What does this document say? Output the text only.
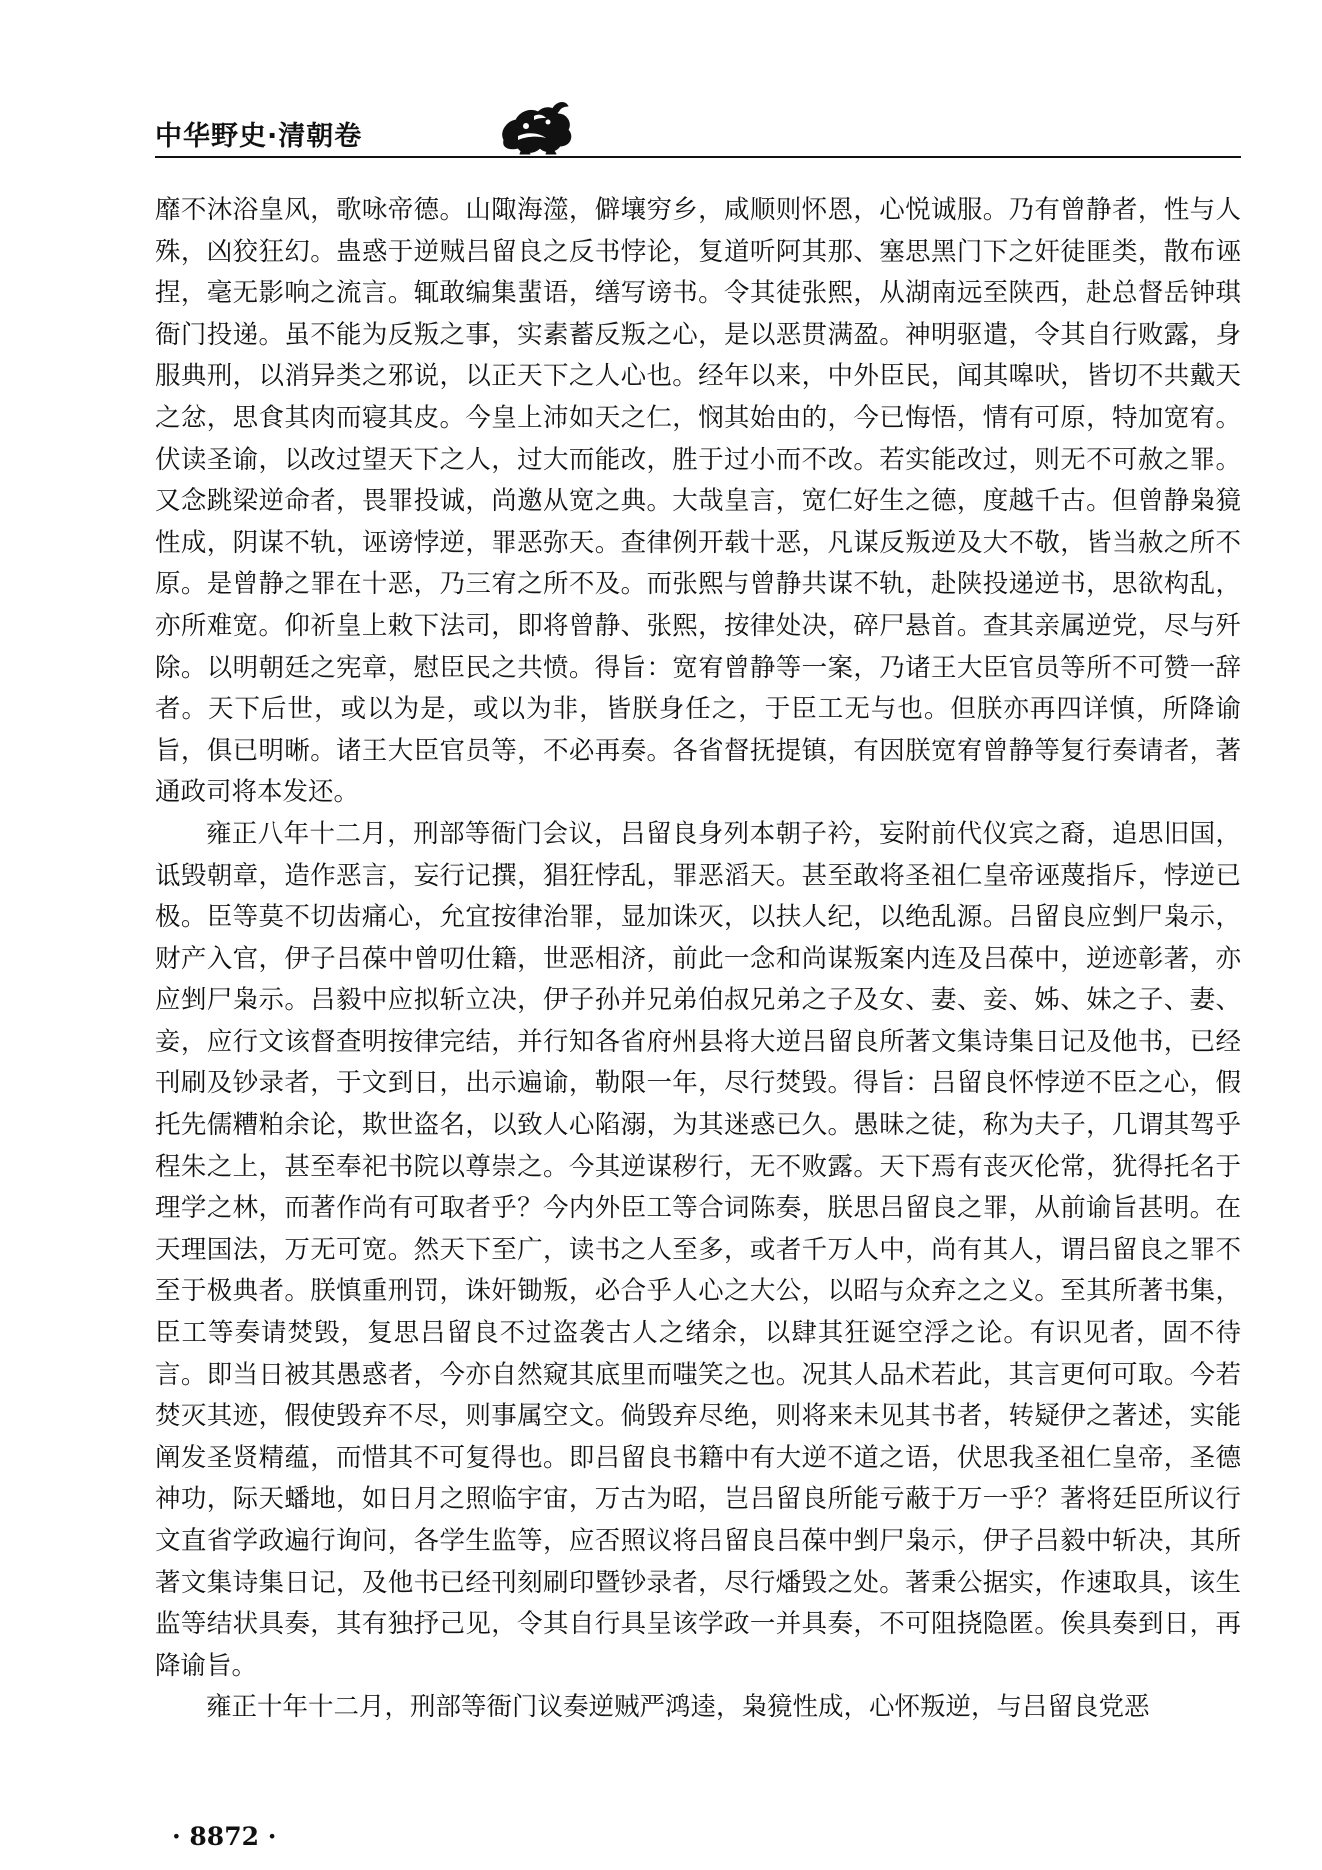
中华野史·清朝卷

靡不沐浴皇风，歌咏帝德。山陬海澨，僻壤穷乡，咸顺则怀恩，心悦诚服。乃有曾静者，性与人殊，凶狡狂幻。蛊惑于逆贼吕留良之反书悖论，复道听阿其那、塞思黑门下之奸徒匪类，散布诬捏，毫无影响之流言。辄敢编集蜚语，缮写谤书。令其徒张熙，从湖南远至陕西，赴总督岳钟琪衙门投递。虽不能为反叛之事，实素蓄反叛之心，是以恶贯满盈。神明驱遣，令其自行败露，身服典刑，以消异类之邪说，以正天下之人心也。经年以来，中外臣民，闻其嗥吠，皆切不共戴天之忿，思食其肉而寝其皮。今皇上沛如天之仁，悯其始由的，今已悔悟，情有可原，特加宽宥。伏读圣谕，以改过望天下之人，过大而能改，胜于过小而不改。若实能改过，则无不可赦之罪。又念跳梁逆命者，畏罪投诚，尚邀从宽之典。大哉皇言，宽仁好生之德，度越千古。但曾静枭獍性成，阴谋不轨，诬谤悖逆，罪恶弥天。查律例开载十恶，凡谋反叛逆及大不敬，皆当赦之所不原。是曾静之罪在十恶，乃三宥之所不及。而张熙与曾静共谋不轨，赴陕投递逆书，思欲构乱，亦所难宽。仰祈皇上敕下法司，即将曾静、张熙，按律处决，碎尸悬首。查其亲属逆党，尽与歼除。以明朝廷之宪章，慰臣民之共愤。得旨：宽宥曾静等一案，乃诸王大臣官员等所不可赞一辞者。天下后世，或以为是，或以为非，皆朕身任之，于臣工无与也。但朕亦再四详慎，所降谕旨，俱已明晰。诸王大臣官员等，不必再奏。各省督抚提镇，有因朕宽宥曾静等复行奏请者，著通政司将本发还。

雍正八年十二月，刑部等衙门会议，吕留良身列本朝子衿，妄附前代仪宾之裔，追思旧国，诋毁朝章，造作恶言，妄行记撰，猖狂悖乱，罪恶滔天。甚至敢将圣祖仁皇帝诬蔑指斥，悖逆已极。臣等莫不切齿痛心，允宜按律治罪，显加诛灭，以扶人纪，以绝乱源。吕留良应剉尸枭示，财产入官，伊子吕葆中曾叨仕籍，世恶相济，前此一念和尚谋叛案内连及吕葆中，逆迹彰著，亦应剉尸枭示。吕毅中应拟斩立决，伊子孙并兄弟伯叔兄弟之子及女、妻、妾、姊、妹之子、妻、妾，应行文该督查明按律完结，并行知各省府州县将大逆吕留良所著文集诗集日记及他书，已经刊刷及钞录者，于文到日，出示遍谕，勒限一年，尽行焚毁。得旨：吕留良怀悖逆不臣之心，假托先儒糟粕余论，欺世盗名，以致人心陷溺，为其迷惑已久。愚昧之徒，称为夫子，几谓其驾乎程朱之上，甚至奉祀书院以尊崇之。今其逆谋秽行，无不败露。天下焉有丧灭伦常，犹得托名于理学之林，而著作尚有可取者乎？今内外臣工等合词陈奏，朕思吕留良之罪，从前谕旨甚明。在天理国法，万无可宽。然天下至广，读书之人至多，或者千万人中，尚有其人，谓吕留良之罪不至于极典者。朕慎重刑罚，诛奸锄叛，必合乎人心之大公，以昭与众弃之之义。至其所著书集，臣工等奏请焚毁，复思吕留良不过盗袭古人之绪余，以肆其狂诞空浮之论。有识见者，固不待言。即当日被其愚惑者，今亦自然窥其底里而嗤笑之也。况其人品术若此，其言更何可取。今若焚灭其迹，假使毁弃不尽，则事属空文。倘毁弃尽绝，则将来未见其书者，转疑伊之著述，实能阐发圣贤精蕴，而惜其不可复得也。即吕留良书籍中有大逆不道之语，伏思我圣祖仁皇帝，圣德神功，际天蟠地，如日月之照临宇宙，万古为昭，岂吕留良所能亏蔽于万一乎？著将廷臣所议行文直省学政遍行询问，各学生监等，应否照议将吕留良吕葆中剉尸枭示，伊子吕毅中斩决，其所著文集诗集日记，及他书已经刊刻刷印暨钞录者，尽行燔毁之处。著秉公据实，作速取具，该生监等结状具奏，其有独抒己见，令其自行具呈该学政一并具奏，不可阻挠隐匿。俟具奏到日，再降谕旨。

雍正十年十二月，刑部等衙门议奏逆贼严鸿逵，枭獍性成，心怀叛逆，与吕留良党恶

· 8872 ·
